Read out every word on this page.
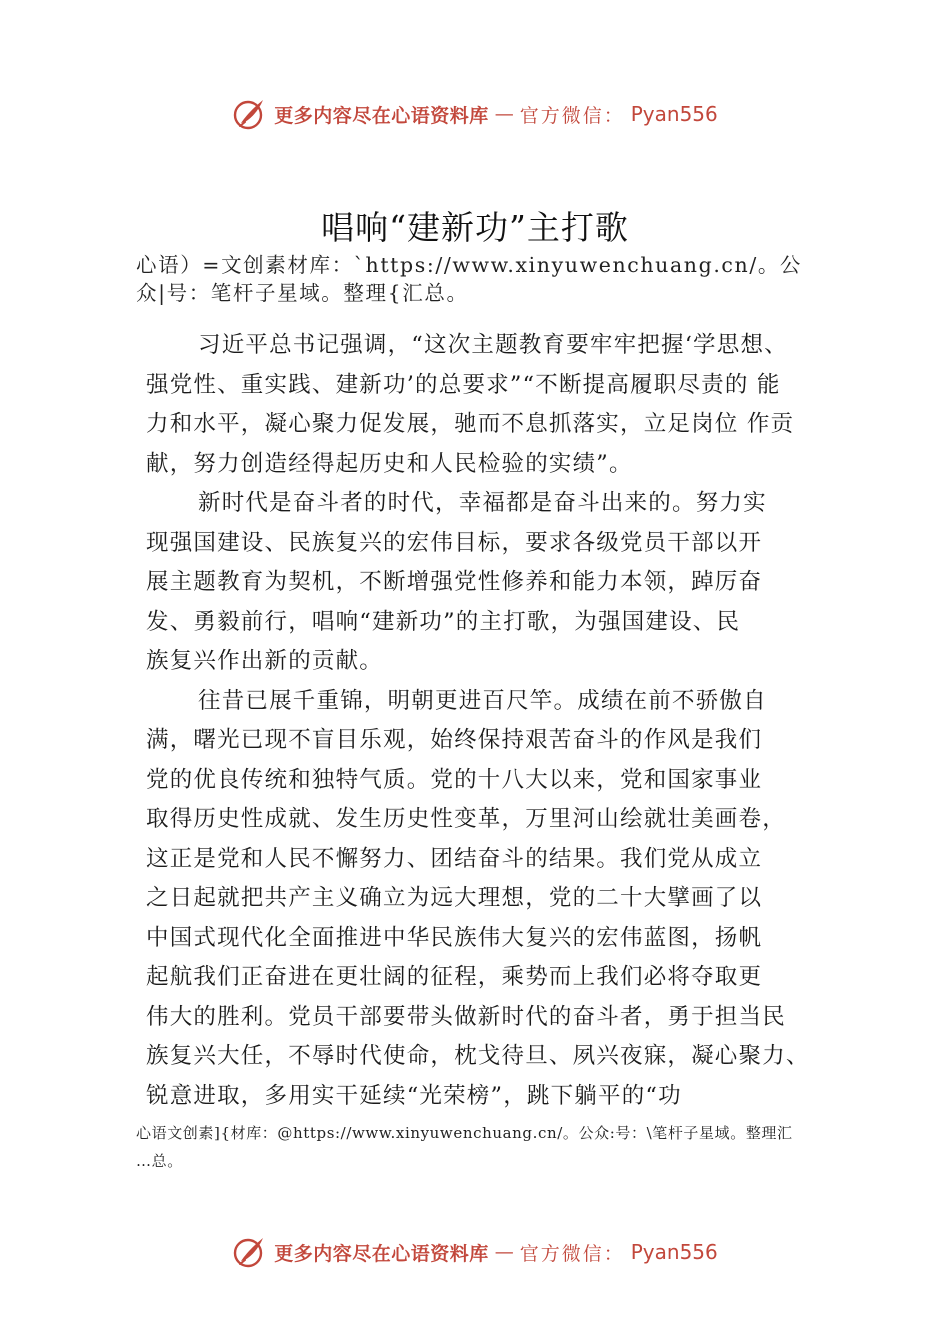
更多内容尽在心语资料库 — 官方微信： Pyan556
唱响“建新功”主打歌
心语）=文创素材库：`https://www.xinyuwenchuang.cn/。公
众|号：笔杆子星域。整理{汇总。
习近平总书记强调，“这次主题教育要牢牢把握‘学思想、
强党性、重实践、建新功’的总要求”“不断提高履职尽责的 能
力和水平，凝心聚力促发展，驰而不息抓落实，立足岗位 作贡
献，努力创造经得起历史和人民检验的实绩”。
新时代是奋斗者的时代，幸福都是奋斗出来的。努力实
现强国建设、民族复兴的宏伟目标，要求各级党员干部以开
展主题教育为契机，不断增强党性修养和能力本领，踔厉奋
发、勇毅前行，唱响“建新功”的主打歌，为强国建设、民
族复兴作出新的贡献。
往昔已展千重锦，明朝更进百尺竿。成绩在前不骄傲自
满，曙光已现不盲目乐观，始终保持艰苦奋斗的作风是我们
党的优良传统和独特气质。党的十八大以来，党和国家事业
取得历史性成就、发生历史性变革，万里河山绘就壮美画卷，
这正是党和人民不懈努力、团结奋斗的结果。我们党从成立
之日起就把共产主义确立为远大理想，党的二十大擘画了以
中国式现代化全面推进中华民族伟大复兴的宏伟蓝图，扬帆
起航我们正奋进在更壮阔的征程，乘势而上我们必将夺取更
伟大的胜利。党员干部要带头做新时代的奋斗者，勇于担当民
族复兴大任，不辱时代使命，枕戈待旦、夙兴夜寐，凝心聚力、
锐意进取，多用实干延续“光荣榜”，跳下躺平的“功
心语文创素]{材库：@https://www.xinyuwenchuang.cn/。公众:号：\笔杆子星域。整理汇
…总。
更多内容尽在心语资料库 — 官方微信： Pyan556
